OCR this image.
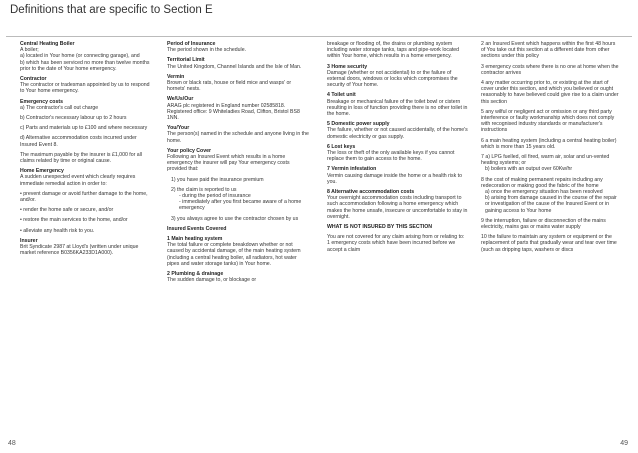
Definitions that are specific to Section E

Central Heating Boiler

A boiler;

a) located in Your home (or connecting garage), and

b) which has been serviced no more than twelve months prior to the date of Your home emergency.

Contractor

The contractor or tradesman appointed by us to respond to Your home emergency.

Emergency costs

a) The contractor's call out charge

b) Contractor's necessary labour up to 2 hours

c) Parts and materials up to £100 and where necessary

d) Alternative accommodation costs incurred under Insured Event 8.

The maximum payable by the insurer is £1,000 for all claims related by time or original cause.

Home Emergency

A sudden unexpected event which clearly requires immediate remedial action in order to:

• prevent damage or avoid further damage to the home, and/or.

• render the home safe or secure, and/or

• restore the main services to the home, and/or

• alleviate any health risk to you.

Insurer

Brit Syndicate 2987 at Lloyd's (written under unique market reference B0356KA233D1A000).

Period of Insurance

The period shown in the schedule.

Territorial Limit

The United Kingdom, Channel Islands and the Isle of Man.

Vermin

Brown or black rats, house or field mice and wasps' or hornets' nests.

We/Us/Our

ARAG plc registered in England number 02585818. Registered office: 9 Whiteladies Road, Clifton, Bristol BS8 1NN.

You/Your

The person(s) named in the schedule and anyone living in the home.

Your policy Cover

Following an Insured Event which results in a home emergency the insurer will pay Your emergency costs provided that:

1) you have paid the insurance premium

2) the claim is reported to us

- during the period of insurance

- immediately after you first became aware of a home emergency

3) you always agree to use the contractor chosen by us

Insured Events Covered

1 Main heating system

The total failure or complete breakdown whether or not caused by accidental damage, of the main heating system (including a central heating boiler, all radiators, hot water pipes and water storage tanks) in Your home.

2 Plumbing & drainage

The sudden damage to, or blockage or

breakage or flooding of, the drains or plumbing system including water storage tanks, taps and pipe-work located within Your home, which results in a home emergency.

3 Home security

Damage (whether or not accidental) to or the failure of external doors, windows or locks which compromises the security of Your home.

4 Toilet unit

Breakage or mechanical failure of the toilet bowl or cistern resulting in loss of function providing there is no other toilet in the home.

5 Domestic power supply

The failure, whether or not caused accidentally, of the home's domestic electricity or gas supply.

6 Lost keys

The loss or theft of the only available keys if you cannot replace them to gain access to the home.

7 Vermin infestation

Vermin causing damage inside the home or a health risk to you.

8 Alternative accommodation costs

Your overnight accommodation costs including transport to such accommodation following a home emergency which makes the home unsafe, insecure or uncomfortable to stay in overnight.

WHAT IS NOT INSURED BY THIS SECTION

You are not covered for any claim arising from or relating to:

1 emergency costs which have been incurred before we accept a claim

2 an Insured Event which happens within the first 48 hours of You take out this section at a different date from other sections under this policy

3 emergency costs where there is no one at home when the contractor arrives

4 any matter occurring prior to, or existing at the start of cover under this section, and which you believed or ought reasonably to have believed could give rise to a claim under this section

5 any wilful or negligent act or omission or any third party interference or faulty workmanship which does not comply with recognised industry standards or manufacturer's instructions

6 a main heating system (including a central heating boiler) which is more than 15 years old.

7 a) LPG fuelled, oil fired, warm air, solar and un-vented heating systems; or

b) boilers with an output over 60Kw/hr

8 the cost of making permanent repairs including any redecoration or making good the fabric of the home

a) once the emergency situation has been resolved

b) arising from damage caused in the course of the repair or investigation of the cause of the Insured Event or in gaining access to Your home

9 the interruption, failure or disconnection of the mains electricity, mains gas or mains water supply

10 the failure to maintain any system or equipment or the replacement of parts that gradually wear and tear over time (such as dripping taps, washers or discs

48	49
